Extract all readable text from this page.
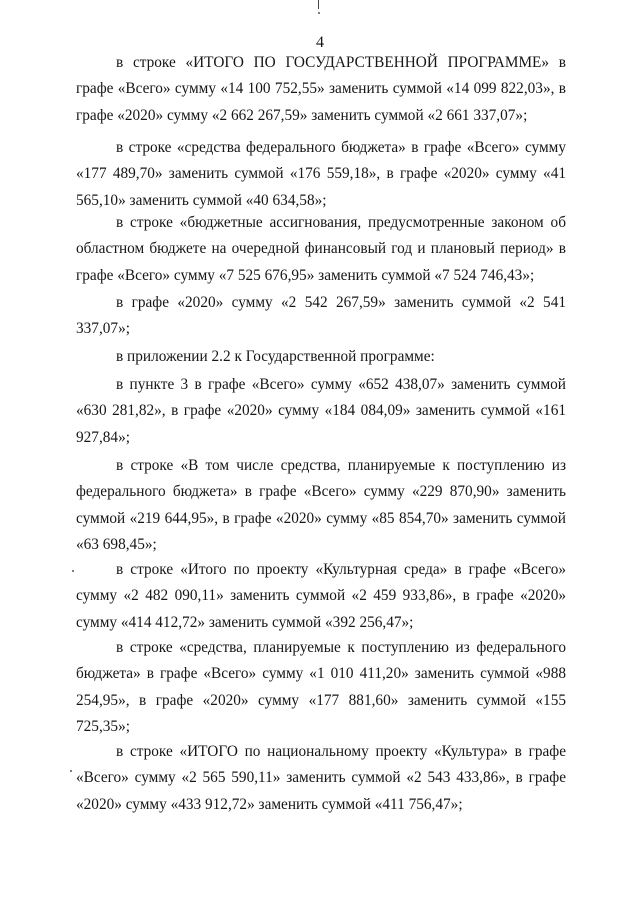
4

в строке «ИТОГО ПО ГОСУДАРСТВЕННОЙ ПРОГРАММЕ» в графе «Всего» сумму «14 100 752,55» заменить суммой «14 099 822,03», в графе «2020» сумму «2 662 267,59» заменить суммой «2 661 337,07»;

в строке «средства федерального бюджета» в графе «Всего» сумму «177 489,70» заменить суммой «176 559,18», в графе «2020» сумму «41 565,10» заменить суммой «40 634,58»;

в строке «бюджетные ассигнования, предусмотренные законом об областном бюджете на очередной финансовый год и плановый период» в графе «Всего» сумму «7 525 676,95» заменить суммой «7 524 746,43»;

в графе «2020» сумму «2 542 267,59» заменить суммой «2 541 337,07»;

в приложении 2.2 к Государственной программе:

в пункте 3 в графе «Всего» сумму «652 438,07» заменить суммой «630 281,82», в графе «2020» сумму «184 084,09» заменить суммой «161 927,84»;

в строке «В том числе средства, планируемые к поступлению из федерального бюджета» в графе «Всего» сумму «229 870,90» заменить суммой «219 644,95», в графе «2020» сумму «85 854,70» заменить суммой «63 698,45»;

в строке «Итого по проекту «Культурная среда» в графе «Всего» сумму «2 482 090,11» заменить суммой «2 459 933,86», в графе «2020» сумму «414 412,72» заменить суммой «392 256,47»;

в строке «средства, планируемые к поступлению из федерального бюджета» в графе «Всего» сумму «1 010 411,20» заменить суммой «988 254,95», в графе «2020» сумму «177 881,60» заменить суммой «155 725,35»;

в строке «ИТОГО по национальному проекту «Культура» в графе «Всего» сумму «2 565 590,11» заменить суммой «2 543 433,86», в графе «2020» сумму «433 912,72» заменить суммой «411 756,47»;
